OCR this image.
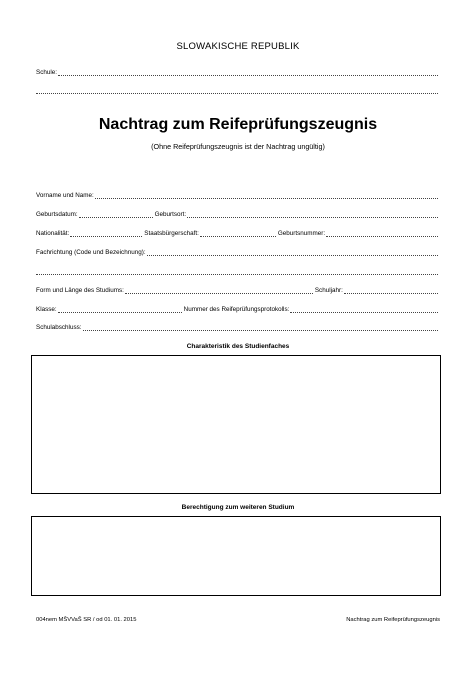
SLOWAKISCHE REPUBLIK
Schule:
Nachtrag zum Reifeprüfungszeugnis
(Ohne Reifeprüfungszeugnis ist der Nachtrag ungültig)
Vorname und Name:
Geburtsdatum:	Geburtsort:
Nationalität:	Staatsbürgerschaft:	Geburtsnummer:
Fachrichtung (Code und Bezeichnung):
Form und Länge des Studiums:	Schuljahr:
Klasse:	Nummer des Reifeprüfungsprotokolls:
Schulabschluss:
Charakteristik des Studienfaches
Berechtigung zum weiteren Studium
004nem MŠVVaŠ SR / od 01. 01. 2015	Nachtrag zum Reifeprüfungszeugnis
